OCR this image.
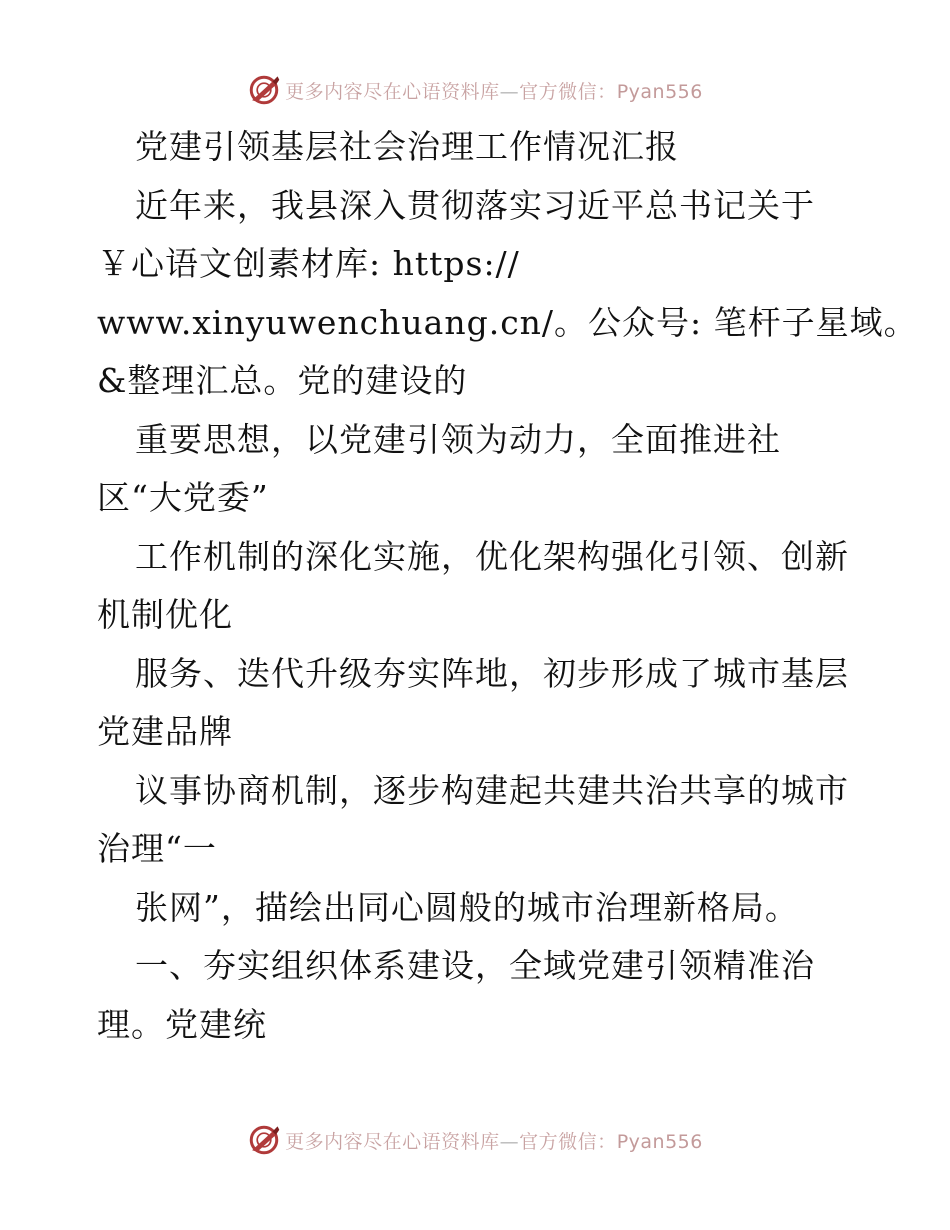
更多内容尽在心语资料库—官方微信：Pyan556
党建引领基层社会治理工作情况汇报
近年来，我县深入贯彻落实习近平总书记关于
￥心语文创素材库: https://
www.xinyuwenchuang.cn/。公众号: 笔杆子星域。
&整理汇总。党的建设的
重要思想，以党建引领为动力，全面推进社
区“大党委”
工作机制的深化实施，优化架构强化引领、创新
机制优化
服务、迭代升级夯实阵地，初步形成了城市基层
党建品牌
议事协商机制，逐步构建起共建共治共享的城市
治理“一
张网”，描绘出同心圆般的城市治理新格局。
一、夯实组织体系建设，全域党建引领精准治
理。党建统
更多内容尽在心语资料库—官方微信：Pyan556
